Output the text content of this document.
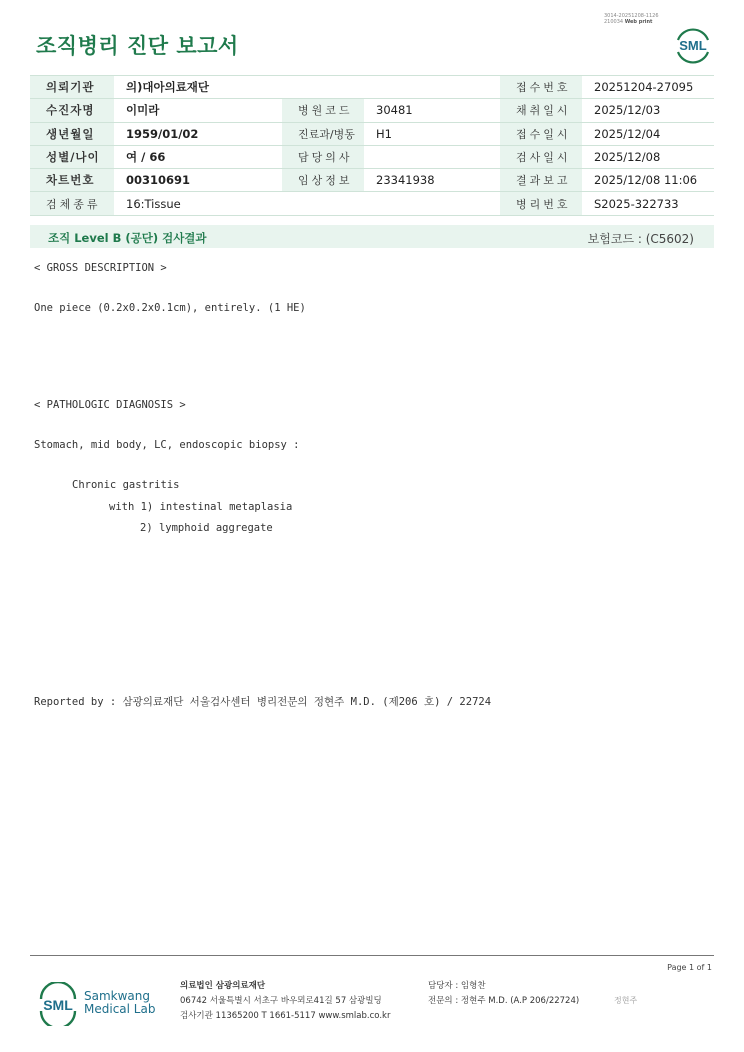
조직병리 진단 보고서
3014-20251208-1126
210034 Web print
SML
의뢰기관	의)대아의료재단			접수번호	20251204-27095
수진자명	이미라	병원코드	30481	채취일시	2025/12/03
생년월일	1959/01/02	진료과/병동	H1	접수일시	2025/12/04
성별/나이	여 / 66	담당의사		검사일시	2025/12/08
차트번호	00310691	임상정보	23341938	결과보고	2025/12/08 11:06
검체종류	16:Tissue			병리번호	S2025-322733
조직 Level B (공단) 검사결과	보험코드 : (C5602)
< GROSS DESCRIPTION >
One piece (0.2x0.2x0.1cm), entirely. (1 HE)
< PATHOLOGIC DIAGNOSIS >
Stomach, mid body, LC, endoscopic biopsy :
Chronic gastritis
with 1) intestinal metaplasia
2) lymphoid aggregate
Reported by : 삼광의료재단 서울검사센터 병리전문의 정현주 M.D. (제206 호) / 22724
Page 1 of 1
SML
Samkwang
Medical Lab
의료법인 삼광의료재단
06742 서울특별시 서초구 바우뫼로41길 57 삼광빌딩
검사기관 11365200 T 1661-5117 www.smlab.co.kr
담당자 : 임형찬
전문의 : 정현주 M.D. (A.P 206/22724)	정현주
